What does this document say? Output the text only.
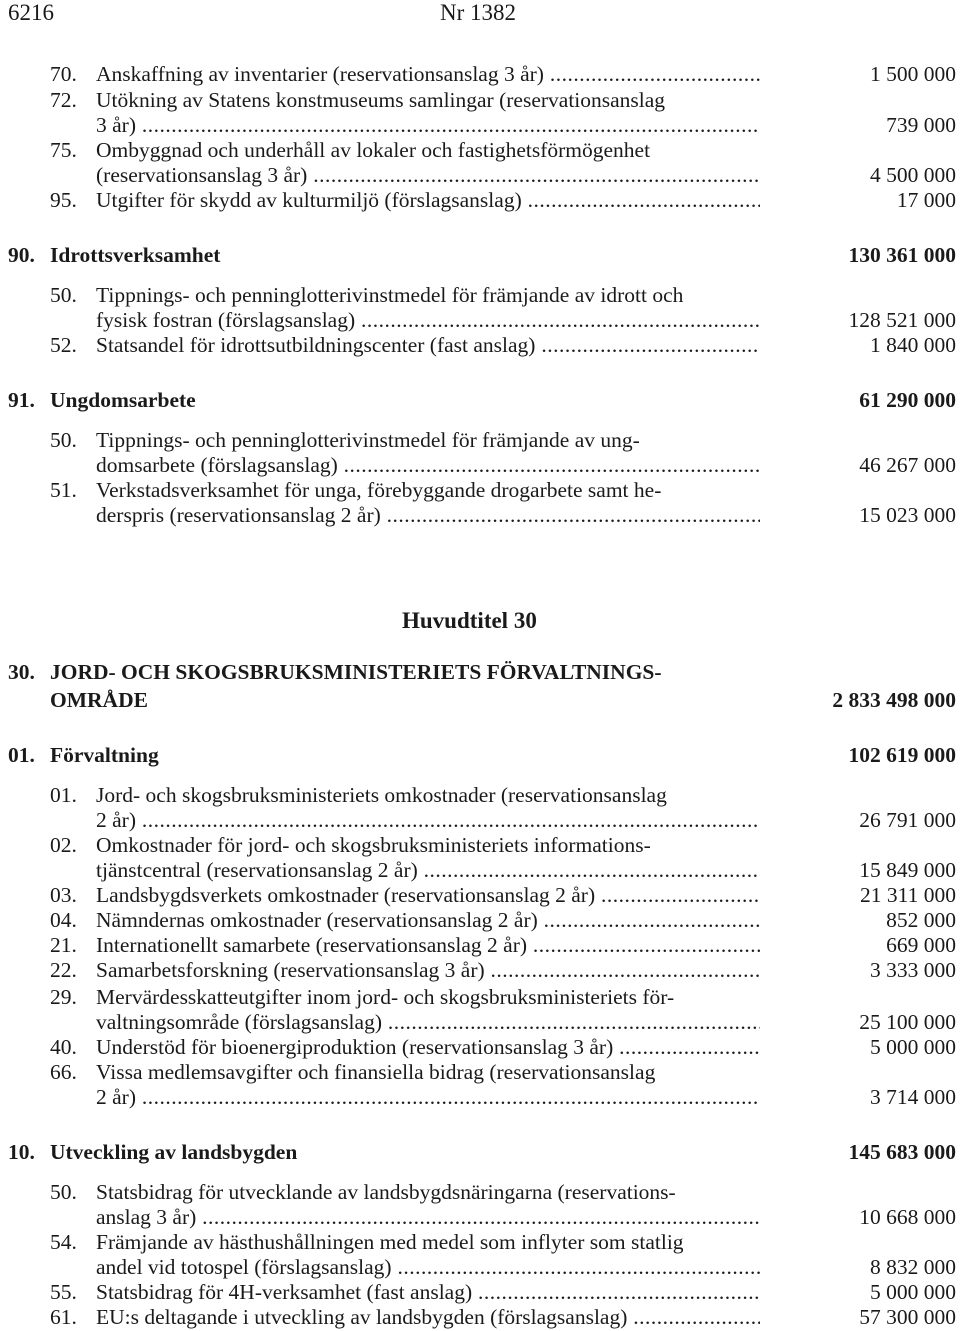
6216	Nr 1382
70. Anskaffning av inventarier (reservationsanslag 3 år) .....	1 500 000
72. Utökning av Statens konstmuseums samlingar (reservationsanslag
3 år) .....	739 000
75. Ombyggnad och underhåll av lokaler och fastighetsförmögenhet
(reservationsanslag 3 år) .....	4 500 000
95. Utgifter för skydd av kulturmiljö (förslagsanslag) .....	17 000
90. Idrottsverksamhet	130 361 000
50. Tippnings- och penninglotterivinstmedel för främjande av idrott och
fysisk fostran (förslagsanslag) .....	128 521 000
52. Statsandel för idrottsutbildningscenter (fast anslag) .....	1 840 000
91. Ungdomsarbete	61 290 000
50. Tippnings- och penninglotterivinstmedel för främjande av ung-
domsarbete (förslagsanslag) .....	46 267 000
51. Verkstadsverksamhet för unga, förebyggande drogarbete samt he-
derspris (reservationsanslag 2 år) .....	15 023 000
Huvudtitel 30
30. JORD- OCH SKOGSBRUKSMINISTERIETS FÖRVALTNINGS-
OMRÅDE	2 833 498 000
01. Förvaltning	102 619 000
01. Jord- och skogsbruksministeriets omkostnader (reservationsanslag
2 år) .....	26 791 000
02. Omkostnader för jord- och skogsbruksministeriets informations-
tjänstcentral (reservationsanslag 2 år) .....	15 849 000
03. Landsbygdsverkets omkostnader (reservationsanslag 2 år) .....	21 311 000
04. Nämndernas omkostnader (reservationsanslag 2 år) .....	852 000
21. Internationellt samarbete (reservationsanslag 2 år) .....	669 000
22. Samarbetsforskning (reservationsanslag 3 år) .....	3 333 000
29. Mervärdesskatteutgifter inom jord- och skogsbruksministeriets för-
valtningsområde (förslagsanslag) .....	25 100 000
40. Understöd för bioenergiproduktion (reservationsanslag 3 år) .....	5 000 000
66. Vissa medlemsavgifter och finansiella bidrag (reservationsanslag
2 år) .....	3 714 000
10. Utveckling av landsbygden	145 683 000
50. Statsbidrag för utvecklande av landsbygdsnäringarna (reservations-
anslag 3 år) .....	10 668 000
54. Främjande av hästhushållningen med medel som inflyter som statlig
andel vid totospel (förslagsanslag) .....	8 832 000
55. Statsbidrag för 4H-verksamhet (fast anslag) .....	5 000 000
61. EU:s deltagande i utveckling av landsbygden (förslagsanslag) .....	57 300 000
